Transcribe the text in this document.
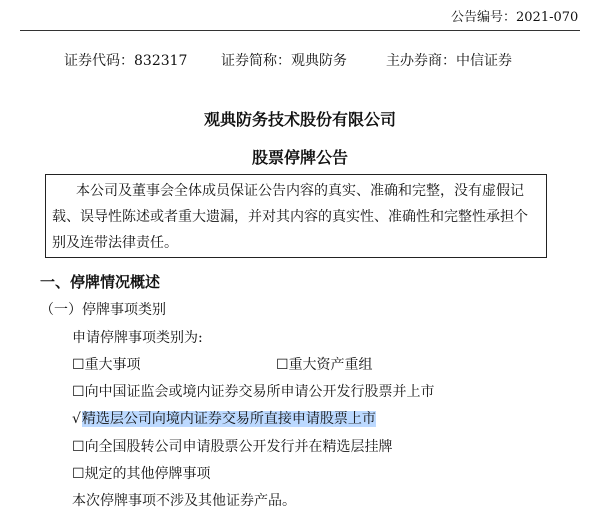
公告编号：2021-070
证券代码：832317 证券简称：观典防务	主办券商：中信证券
观典防务技术股份有限公司
股票停牌公告
本公司及董事会全体成员保证公告内容的真实、准确和完整，没有虚假记
载、误导性陈述或者重大遗漏，并对其内容的真实性、准确性和完整性承担个
别及连带法律责任。
一、停牌情况概述
（一）停牌事项类别
申请停牌事项类别为:
☐重大事项	☐重大资产重组
☐向中国证监会或境内证券交易所申请公开发行股票并上市
√精选层公司向境内证券交易所直接申请股票上市
☐向全国股转公司申请股票公开发行并在精选层挂牌
☐规定的其他停牌事项
本次停牌事项不涉及其他证券产品。
